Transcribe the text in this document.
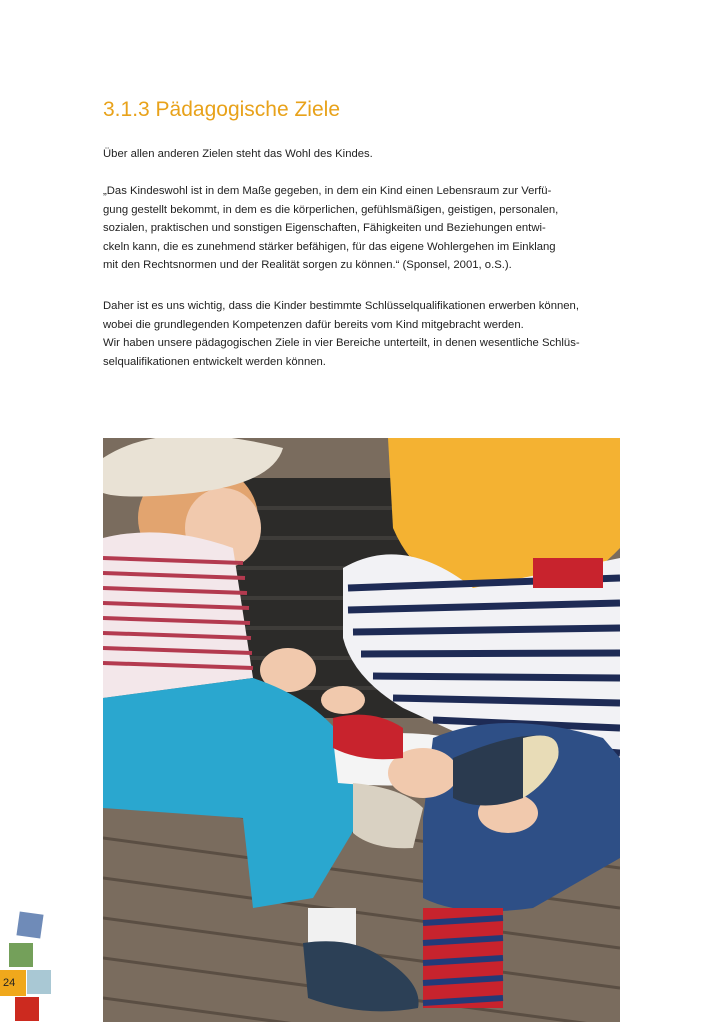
3.1.3 Pädagogische Ziele

Über allen anderen Zielen steht das Wohl des Kindes.

„Das Kindeswohl ist in dem Maße gegeben, in dem ein Kind einen Lebensraum zur Verfü-
gung gestellt bekommt, in dem es die körperlichen, gefühlsmäßigen, geistigen, personalen,
sozialen, praktischen und sonstigen Eigenschaften, Fähigkeiten und Beziehungen entwi-
ckeln kann, die es zunehmend stärker befähigen, für das eigene Wohlergehen im Einklang
mit den Rechtsnormen und der Realität sorgen zu können.“ (Sponsel, 2001, o.S.).

Daher ist es uns wichtig, dass die Kinder bestimmte Schlüsselqualifikationen erwerben können,
wobei die grundlegenden Kompetenzen dafür bereits vom Kind mitgebracht werden.
Wir haben unsere pädagogischen Ziele in vier Bereiche unterteilt, in denen wesentliche Schlüs-
selqualifikationen entwickelt werden können.

24
